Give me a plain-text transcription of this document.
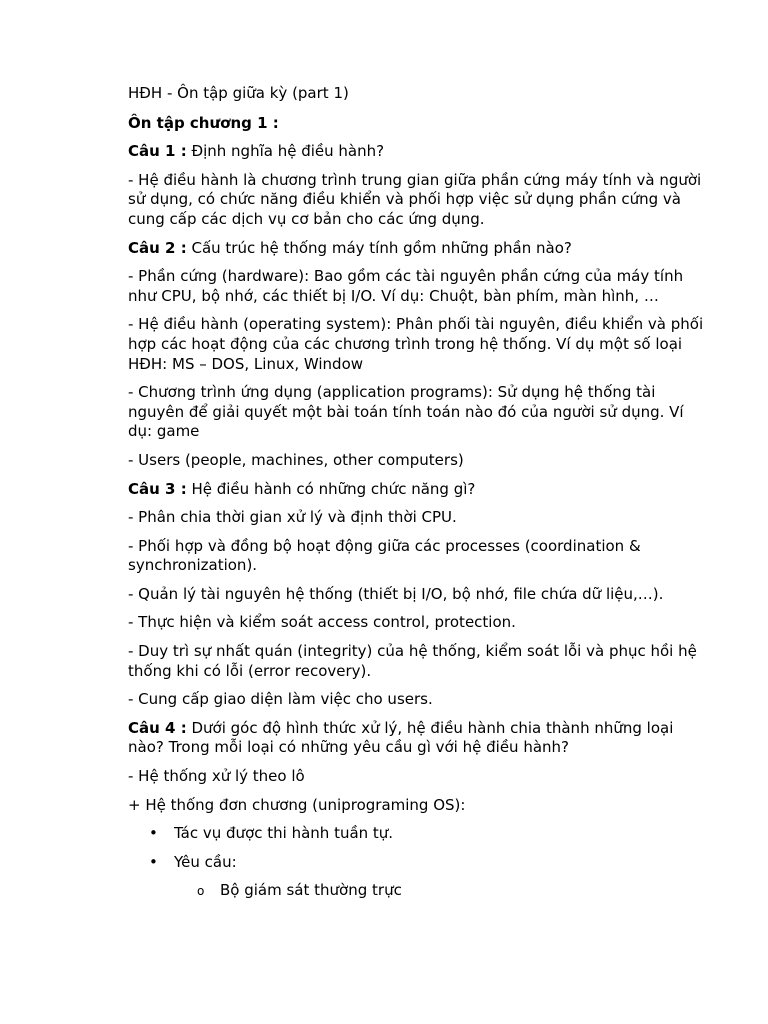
HĐH - Ôn tập giữa kỳ (part 1)

Ôn tập chương 1 :

Câu 1 : Định nghĩa hệ điều hành?

- Hệ điều hành là chương trình trung gian giữa phần cứng máy tính và người sử dụng, có chức năng điều khiển và phối hợp việc sử dụng phần cứng và cung cấp các dịch vụ cơ bản cho các ứng dụng.

Câu 2 : Cấu trúc hệ thống máy tính gồm những phần nào?

- Phần cứng (hardware): Bao gồm các tài nguyên phần cứng của máy tính như CPU, bộ nhớ, các thiết bị I/O. Ví dụ: Chuột, bàn phím, màn hình, …

- Hệ điều hành (operating system): Phân phối tài nguyên, điều khiển và phối hợp các hoạt động của các chương trình trong hệ thống. Ví dụ một số loại HĐH: MS – DOS, Linux, Window

- Chương trình ứng dụng (application programs): Sử dụng hệ thống tài nguyên để giải quyết một bài toán tính toán nào đó của người sử dụng. Ví dụ: game

- Users (people, machines, other computers)

Câu 3 : Hệ điều hành có những chức năng gì?

- Phân chia thời gian xử lý và định thời CPU.

- Phối hợp và đồng bộ hoạt động giữa các processes (coordination & synchronization).

- Quản lý tài nguyên hệ thống (thiết bị I/O, bộ nhớ, file chứa dữ liệu,…).

- Thực hiện và kiểm soát access control, protection.

- Duy trì sự nhất quán (integrity) của hệ thống, kiểm soát lỗi và phục hồi hệ thống khi có lỗi (error recovery).

- Cung cấp giao diện làm việc cho users.

Câu 4 : Dưới góc độ hình thức xử lý, hệ điều hành chia thành những loại nào? Trong mỗi loại có những yêu cầu gì với hệ điều hành?

- Hệ thống xử lý theo lô

+ Hệ thống đơn chương (uniprograming OS):

• Tác vụ được thi hành tuần tự.
• Yêu cầu:
o Bộ giám sát thường trực
